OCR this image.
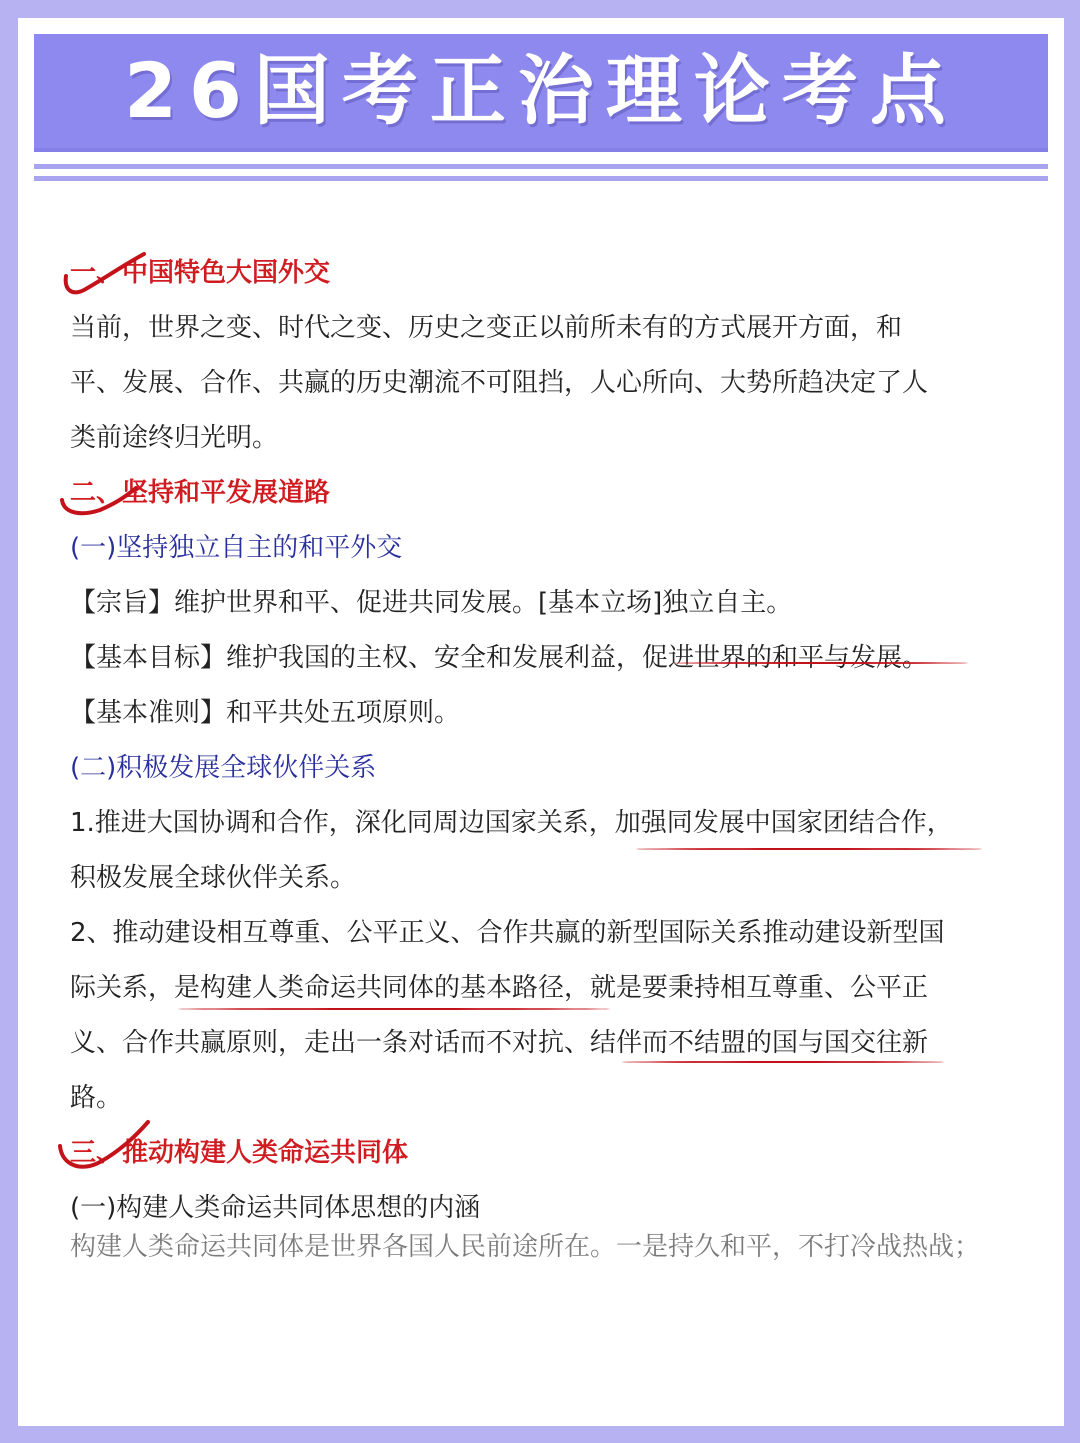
26国考正治理论考点
一、中国特色大国外交
当前，世界之变、时代之变、历史之变正以前所未有的方式展开方面，和
平、发展、合作、共赢的历史潮流不可阻挡，人心所向、大势所趋决定了人
类前途终归光明。
二、坚持和平发展道路
(一)坚持独立自主的和平外交
【宗旨】维护世界和平、促进共同发展。[基本立场]独立自主。
【基本目标】维护我国的主权、安全和发展利益，促进世界的和平与发展。
【基本准则】和平共处五项原则。
(二)积极发展全球伙伴关系
1.推进大国协调和合作，深化同周边国家关系，加强同发展中国家团结合作，
积极发展全球伙伴关系。
2、推动建设相互尊重、公平正义、合作共赢的新型国际关系推动建设新型国
际关系，是构建人类命运共同体的基本路径，就是要秉持相互尊重、公平正
义、合作共赢原则，走出一条对话而不对抗、结伴而不结盟的国与国交往新
路。
三、推动构建人类命运共同体
(一)构建人类命运共同体思想的内涵
构建人类命运共同体是世界各国人民前途所在。一是持久和平，不打冷战热战；
